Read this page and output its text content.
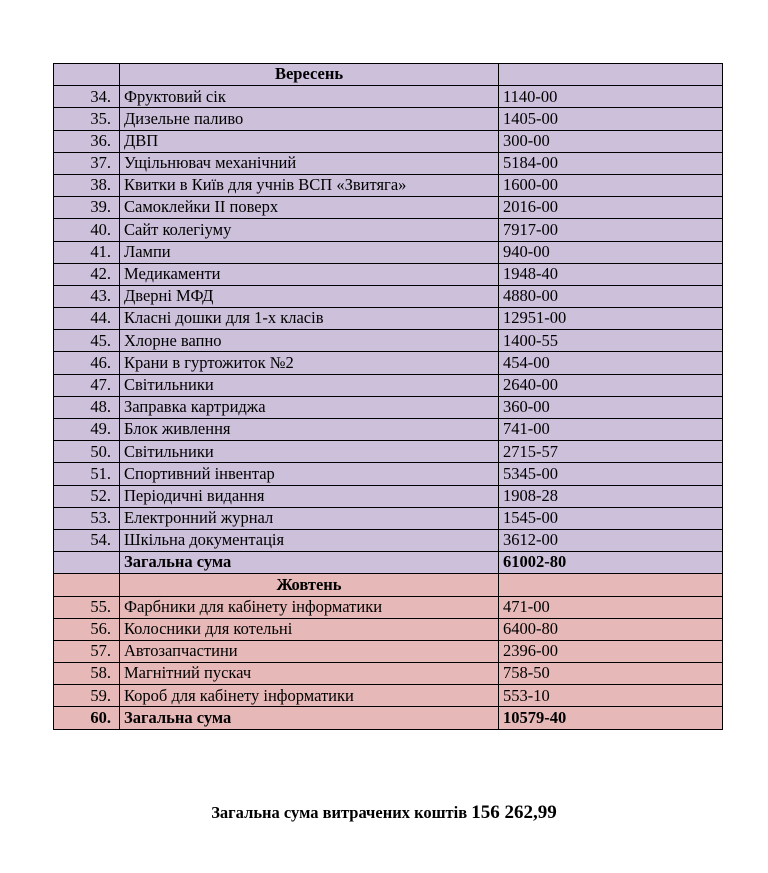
	Вересень	
34.	Фруктовий сік	1140-00
35.	Дизельне паливо	1405-00
36.	ДВП	300-00
37.	Ущільнювач механічний	5184-00
38.	Квитки в Київ для учнів ВСП «Звитяга»	1600-00
39.	Самоклейки ІІ поверх	2016-00
40.	Сайт колегіуму	7917-00
41.	Лампи	940-00
42.	Медикаменти	1948-40
43.	Дверні МФД	4880-00
44.	Класні дошки для 1-х класів	12951-00
45.	Хлорне вапно	1400-55
46.	Крани в гуртожиток №2	454-00
47.	Світильники	2640-00
48.	Заправка картриджа	360-00
49.	Блок живлення	741-00
50.	Світильники	2715-57
51.	Спортивний інвентар	5345-00
52.	Періодичні видання	1908-28
53.	Електронний журнал	1545-00
54.	Шкільна документація	3612-00
	Загальна сума	61002-80
	Жовтень	
55.	Фарбники для кабінету інформатики	471-00
56.	Колосники для котельні	6400-80
57.	Автозапчастини	2396-00
58.	Магнітний пускач	758-50
59.	Короб для кабінету інформатики	553-10
60.	Загальна сума	10579-40
Загальна сума витрачених коштів 156 262,99
